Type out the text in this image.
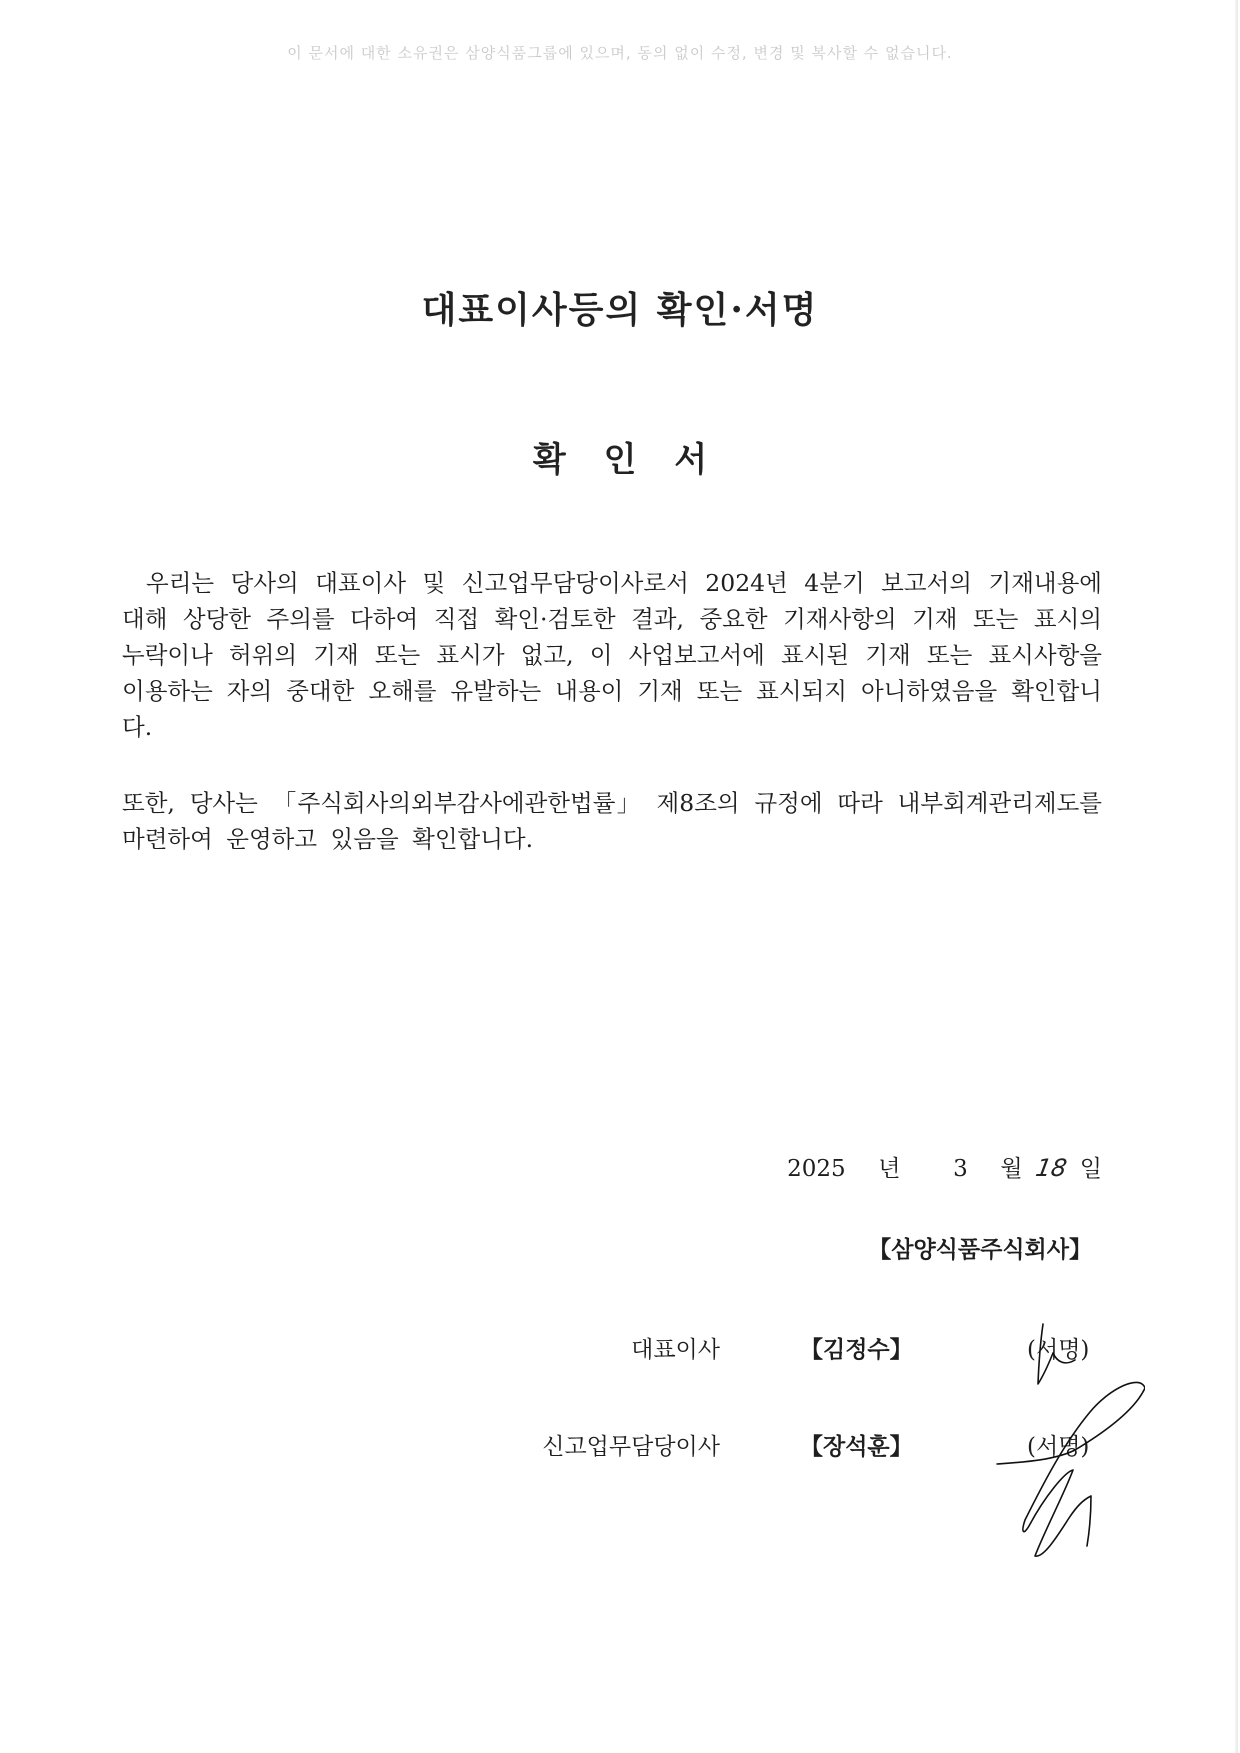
이 문서에 대한 소유권은 삼양식품그룹에 있으며, 동의 없이 수정, 변경 및 복사할 수 없습니다.
대표이사등의 확인·서명
확 인 서

우리는 당사의 대표이사 및 신고업무담당이사로서 2024년 4분기 보고서의 기재내용에 대해 상당한 주의를 다하여 직접 확인·검토한 결과, 중요한 기재사항의 기재 또는 표시의 누락이나 허위의 기재 또는 표시가 없고, 이 사업보고서에 표시된 기재 또는 표시사항을 이용하는 자의 중대한 오해를 유발하는 내용이 기재 또는 표시되지 아니하였음을 확인합니다.

또한, 당사는 「주식회사의외부감사에관한법률」 제8조의 규정에 따라 내부회계관리제도를 마련하여 운영하고 있음을 확인합니다.

2025 년 3 월 18 일
【삼양식품주식회사】
대표이사	【김정수】	(서명)
신고업무담당이사	【장석훈】	(서명)
